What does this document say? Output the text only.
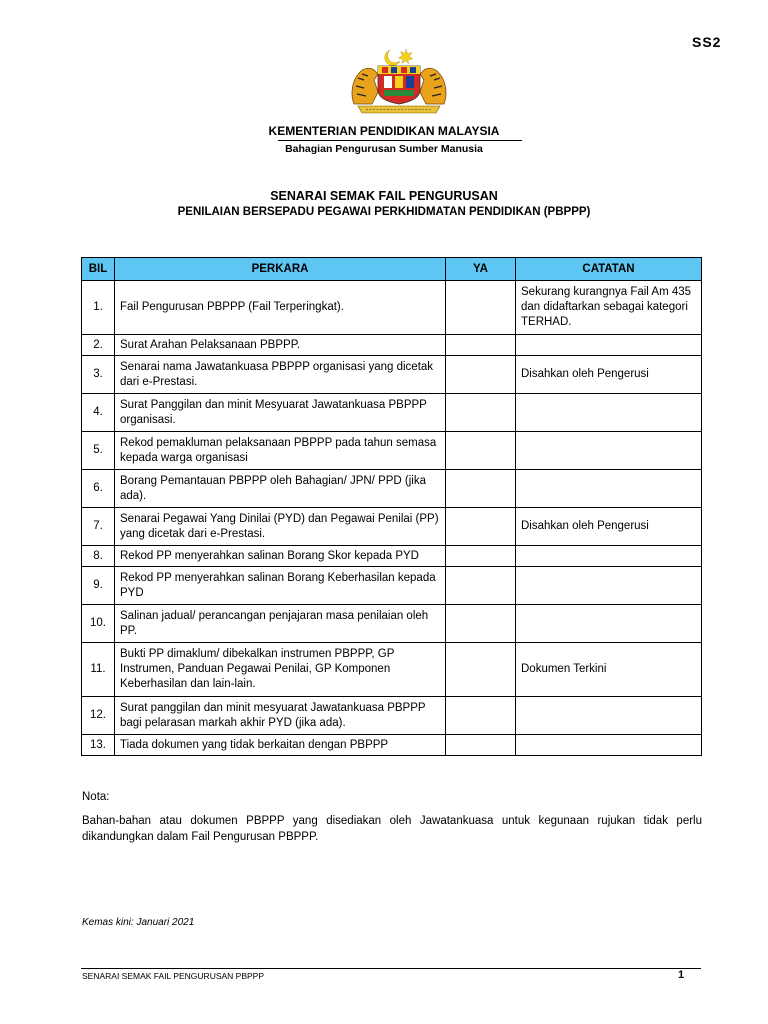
SS2
KEMENTERIAN PENDIDIKAN MALAYSIA
Bahagian Pengurusan Sumber Manusia
SENARAI SEMAK FAIL PENGURUSAN
PENILAIAN BERSEPADU PEGAWAI PERKHIDMATAN PENDIDIKAN (PBPPP)
BIL	PERKARA	YA	CATATAN
1.	Fail Pengurusan PBPPP (Fail Terperingkat).		Sekurang kurangnya Fail Am 435 dan didaftarkan sebagai kategori TERHAD.
2.	Surat Arahan Pelaksanaan PBPPP.		
3.	Senarai nama Jawatankuasa PBPPP organisasi yang dicetak dari e-Prestasi.		Disahkan oleh Pengerusi
4.	Surat Panggilan dan minit Mesyuarat Jawatankuasa PBPPP organisasi.		
5.	Rekod pemakluman pelaksanaan PBPPP pada tahun semasa kepada warga organisasi		
6.	Borang Pemantauan PBPPP oleh Bahagian/ JPN/ PPD (jika ada).		
7.	Senarai Pegawai Yang Dinilai (PYD) dan Pegawai Penilai (PP) yang dicetak dari e-Prestasi.		Disahkan oleh Pengerusi
8.	Rekod PP menyerahkan salinan Borang Skor kepada PYD		
9.	Rekod PP menyerahkan salinan Borang Keberhasilan kepada PYD		
10.	Salinan jadual/ perancangan penjajaran masa penilaian oleh PP.		
11.	Bukti PP dimaklum/ dibekalkan instrumen PBPPP, GP Instrumen, Panduan Pegawai Penilai, GP Komponen Keberhasilan dan lain-lain.		Dokumen Terkini
12.	Surat panggilan dan minit mesyuarat Jawatankuasa PBPPP bagi pelarasan markah akhir PYD (jika ada).		
13.	Tiada dokumen yang tidak berkaitan dengan PBPPP		
Nota:
Bahan-bahan atau dokumen PBPPP yang disediakan oleh Jawatankuasa untuk kegunaan rujukan tidak perlu dikandungkan dalam Fail Pengurusan PBPPP.
Kemas kini: Januari 2021
SENARAI SEMAK FAIL PENGURUSAN PBPPP	1
